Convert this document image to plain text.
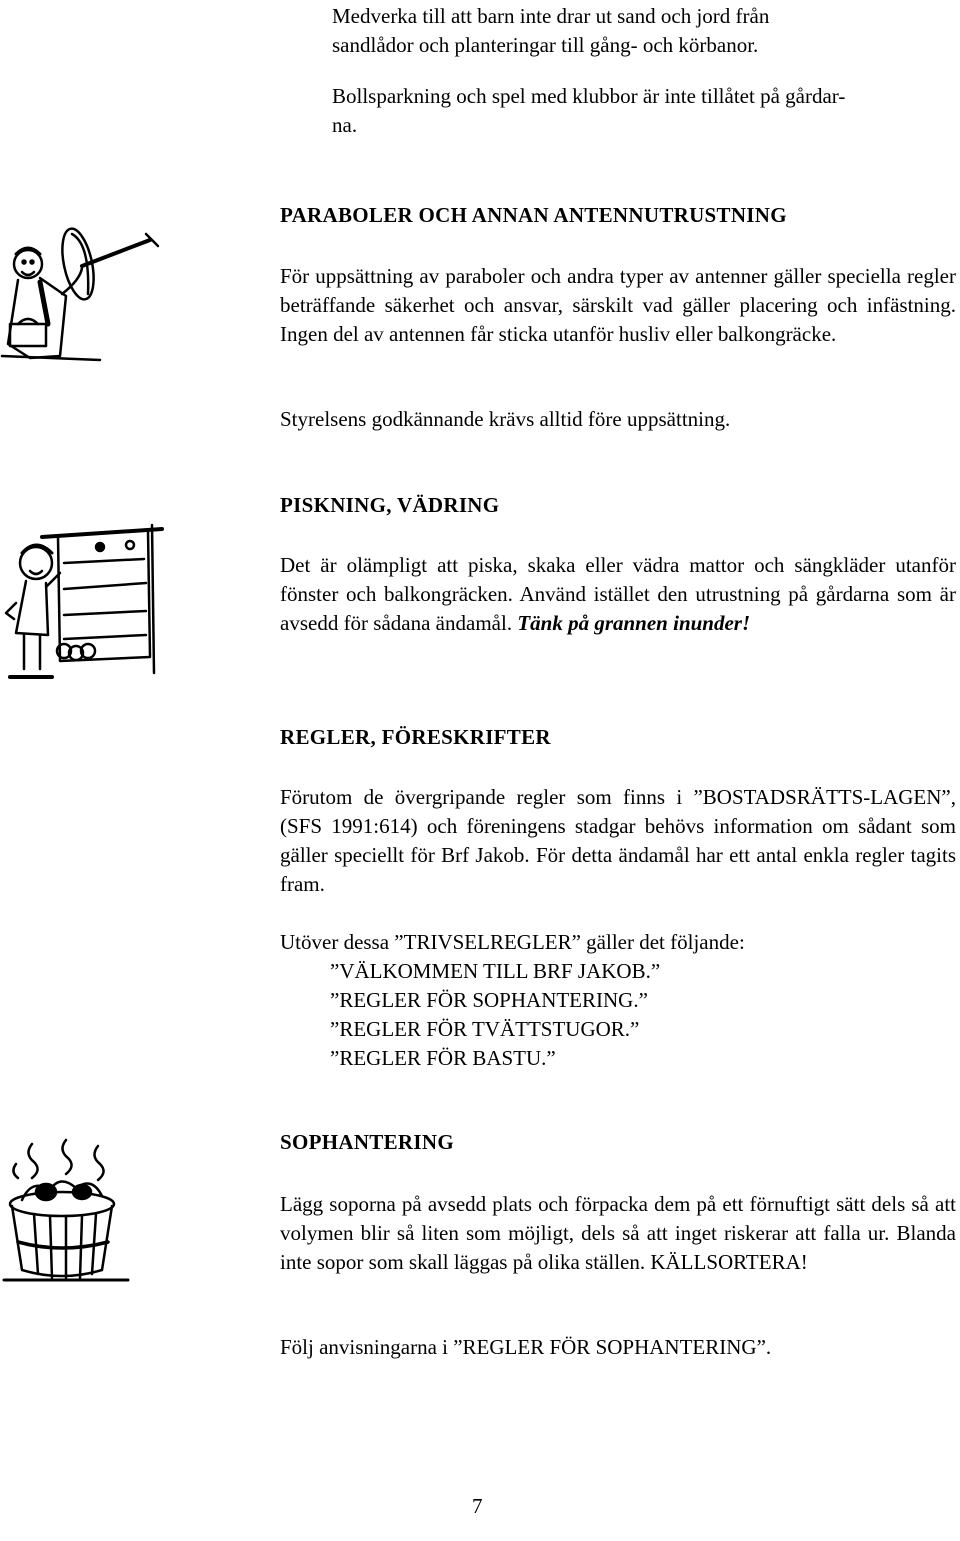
Medverka till att barn inte drar ut sand och jord från
sandlådor och planteringar till gång- och körbanor.
Bollsparkning och spel med klubbor är inte tillåtet på gårdar-
na.
PARABOLER OCH ANNAN ANTENNUTRUSTNING
För uppsättning av paraboler och andra typer av antenner gäller speciella regler beträffande säkerhet och ansvar, särskilt vad gäller placering och infästning. Ingen del av antennen får sticka utanför husliv eller balkongräcke.
Styrelsens godkännande krävs alltid före uppsättning.
PISKNING, VÄDRING
Det är olämpligt att piska, skaka eller vädra mattor och sängkläder utanför fönster och balkongräcken. Använd istället den utrustning på gårdarna som är avsedd för sådana ändamål. Tänk på grannen inunder!
REGLER, FÖRESKRIFTER
Förutom de övergripande regler som finns i ”BOSTADSRÄTTS-LAGEN”, (SFS 1991:614) och föreningens stadgar behövs information om sådant som gäller speciellt för Brf Jakob. För detta ändamål har ett antal enkla regler tagits fram.
Utöver dessa ”TRIVSELREGLER” gäller det följande:
”VÄLKOMMEN TILL BRF JAKOB.”
”REGLER FÖR SOPHANTERING.”
”REGLER FÖR TVÄTTSTUGOR.”
”REGLER FÖR BASTU.”
SOPHANTERING
Lägg soporna på avsedd plats och förpacka dem på ett förnuftigt sätt dels så att volymen blir så liten som möjligt, dels så att inget riskerar att falla ur. Blanda inte sopor som skall läggas på olika ställen. KÄLLSORTERA!
Följ anvisningarna i ”REGLER FÖR SOPHANTERING”.
7
